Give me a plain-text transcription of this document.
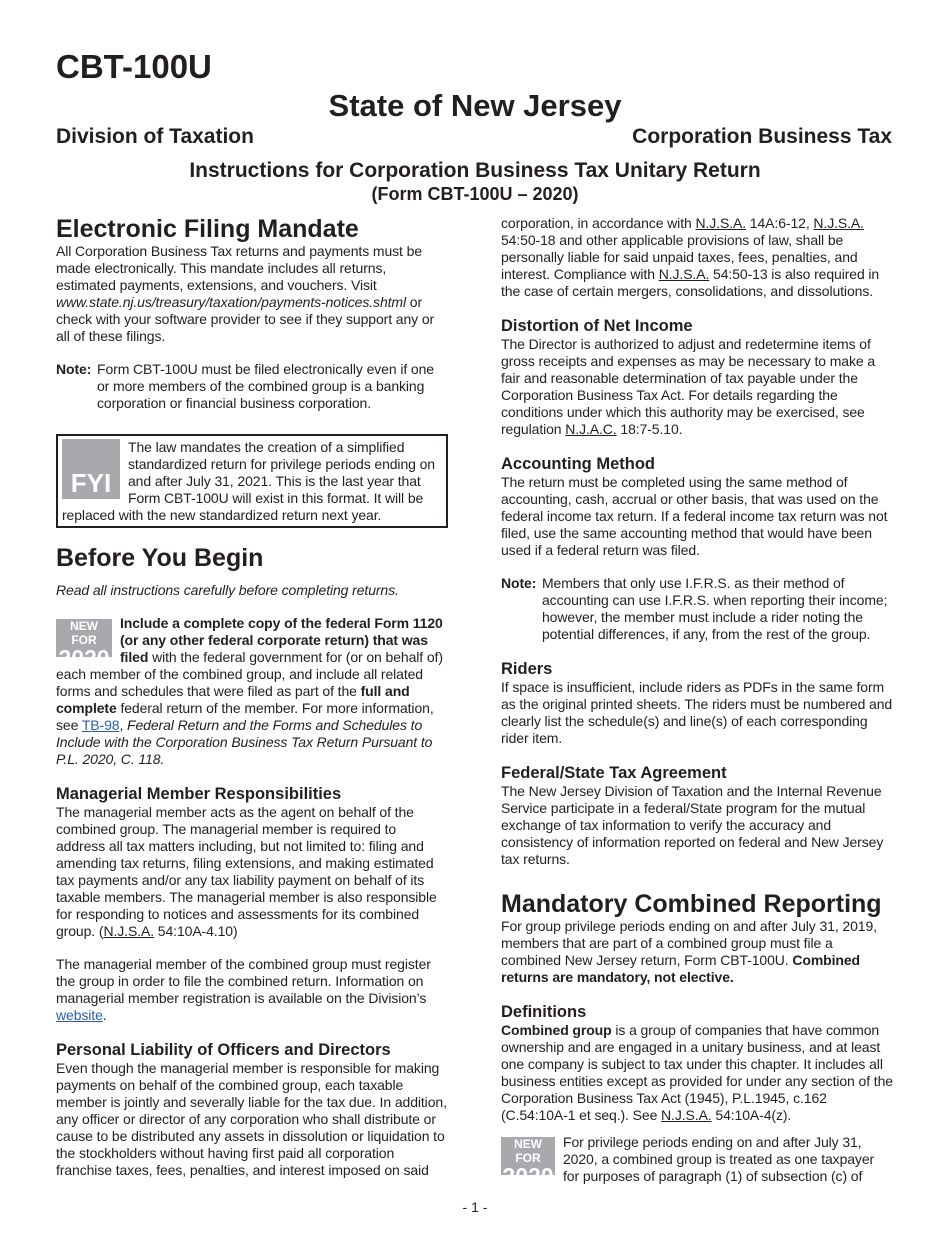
CBT-100U
State of New Jersey
Division of Taxation	Corporation Business Tax
Instructions for Corporation Business Tax Unitary Return
(Form CBT-100U – 2020)
Electronic Filing Mandate

All Corporation Business Tax returns and payments must be made electronically. This mandate includes all returns, estimated payments, extensions, and vouchers. Visit www.state.nj.us/treasury/taxation/payments-notices.shtml or check with your software provider to see if they support any or all of these filings.

Note: Form CBT-100U must be filed electronically even if one or more members of the combined group is a banking corporation or financial business corporation.
FYI

The law mandates the creation of a simplified standardized return for privilege periods ending on and after July 31, 2021. This is the last year that Form CBT-100U will exist in this format. It will be replaced with the new standardized return next year.

Before You Begin

Read all instructions carefully before completing returns.

NEW FOR
2020

Include a complete copy of the federal Form 1120 (or any other federal corporate return) that was filed with the federal government for (or on behalf of) each member of the combined group, and include all related forms and schedules that were filed as part of the full and complete federal return of the member. For more information, see TB-98, Federal Return and the Forms and Schedules to Include with the Corporation Business Tax Return Pursuant to P.L. 2020, C. 118.

Managerial Member Responsibilities

The managerial member acts as the agent on behalf of the combined group. The managerial member is required to address all tax matters including, but not limited to: filing and amending tax returns, filing extensions, and making estimated tax payments and/or any tax liability payment on behalf of its taxable members. The managerial member is also responsible for responding to notices and assessments for its combined group. (N.J.S.A. 54:10A-4.10)

The managerial member of the combined group must register the group in order to file the combined return. Information on managerial member registration is available on the Division’s website.

Personal Liability of Officers and Directors

Even though the managerial member is responsible for making payments on behalf of the combined group, each taxable member is jointly and severally liable for the tax due. In addition, any officer or director of any corporation who shall distribute or cause to be distributed any assets in dissolution or liquidation to the stockholders without having first paid all corporation franchise taxes, fees, penalties, and interest imposed on said

corporation, in accordance with N.J.S.A. 14A:6-12, N.J.S.A. 54:50-18 and other applicable provisions of law, shall be personally liable for said unpaid taxes, fees, penalties, and interest. Compliance with N.J.S.A. 54:50-13 is also required in the case of certain mergers, consolidations, and dissolutions.

Distortion of Net Income

The Director is authorized to adjust and redetermine items of gross receipts and expenses as may be necessary to make a fair and reasonable determination of tax payable under the Corporation Business Tax Act. For details regarding the conditions under which this authority may be exercised, see regulation N.J.A.C. 18:7-5.10.

Accounting Method

The return must be completed using the same method of accounting, cash, accrual or other basis, that was used on the federal income tax return. If a federal income tax return was not filed, use the same accounting method that would have been used if a federal return was filed.

Note: Members that only use I.F.R.S. as their method of accounting can use I.F.R.S. when reporting their income; however, the member must include a rider noting the potential differences, if any, from the rest of the group.
Riders

If space is insufficient, include riders as PDFs in the same form as the original printed sheets. The riders must be numbered and clearly list the schedule(s) and line(s) of each corresponding rider item.

Federal/State Tax Agreement

The New Jersey Division of Taxation and the Internal Revenue Service participate in a federal/State program for the mutual exchange of tax information to verify the accuracy and consistency of information reported on federal and New Jersey tax returns.

Mandatory Combined Reporting

For group privilege periods ending on and after July 31, 2019, members that are part of a combined group must file a combined New Jersey return, Form CBT-100U. Combined returns are mandatory, not elective.

Definitions

Combined group is a group of companies that have common ownership and are engaged in a unitary business, and at least one company is subject to tax under this chapter. It includes all business entities except as provided for under any section of the Corporation Business Tax Act (1945), P.L.1945, c.162 (C.54:10A-1 et seq.). See N.J.S.A. 54:10A-4(z).

NEW FOR
2020

For privilege periods ending on and after July 31, 2020, a combined group is treated as one taxpayer for purposes of paragraph (1) of subsection (c) of

- 1 -
